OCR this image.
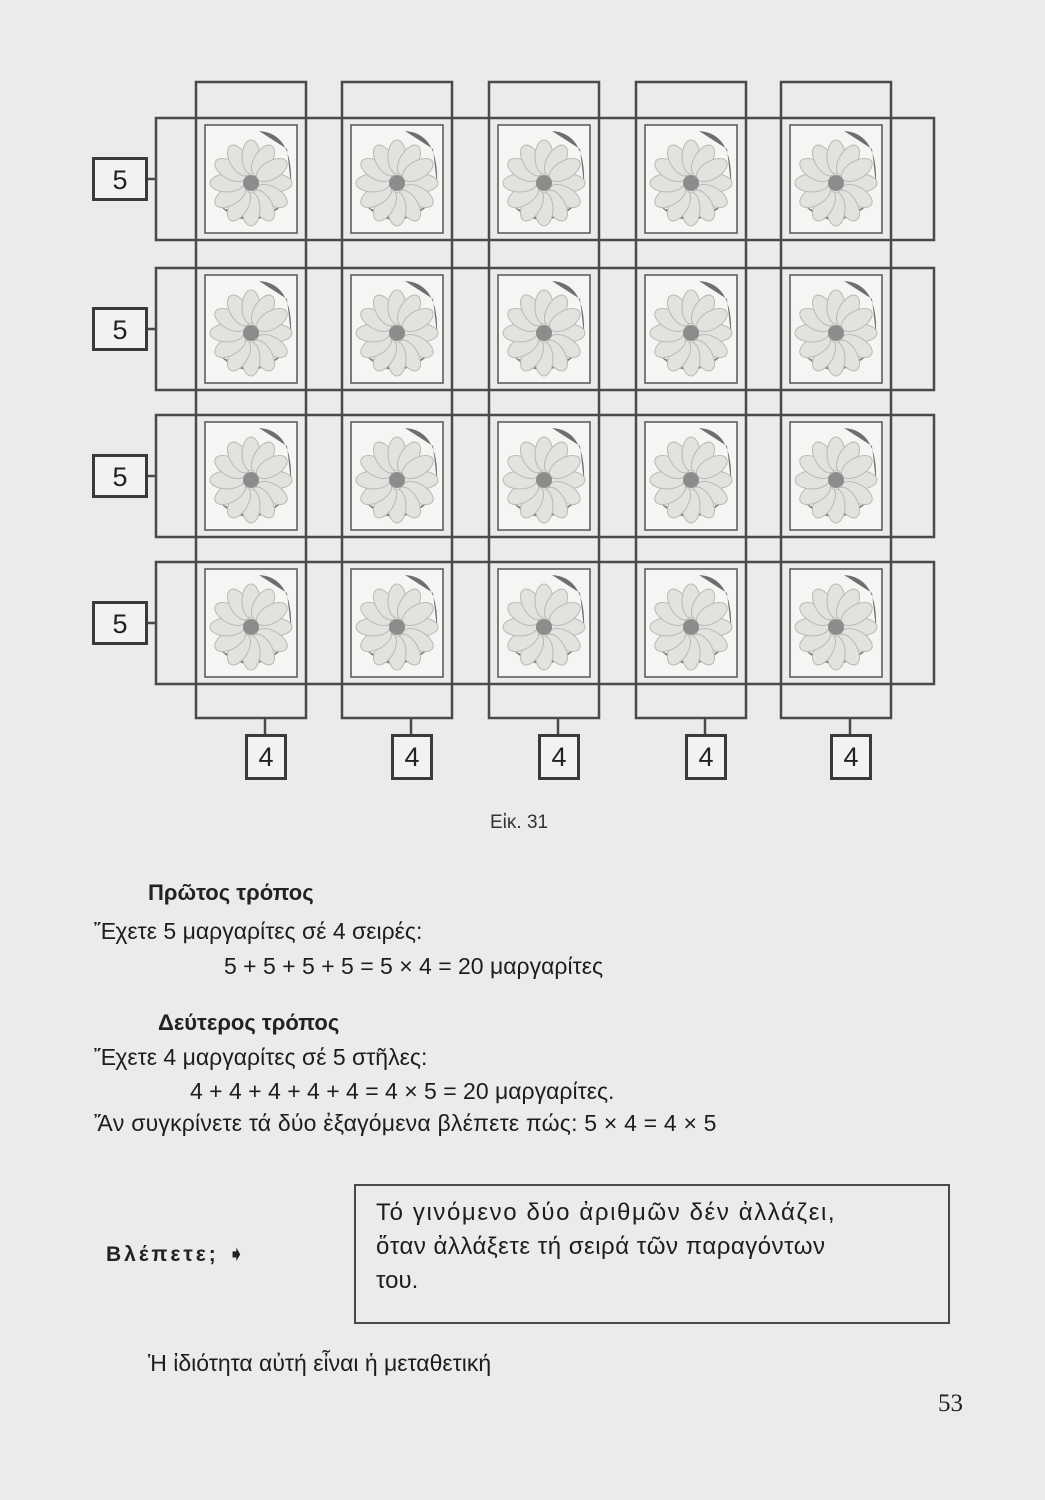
5
5
5
5
4	4	4	4	4
Εἰκ. 31
Πρῶτος τρόπος
Ἔχετε 5 μαργαρίτες σέ 4 σειρές:
5 + 5 + 5 + 5 = 5 × 4 = 20 μαργαρίτες
Δεύτερος τρόπος
Ἔχετε 4 μαργαρίτες σέ 5 στῆλες:
4 + 4 + 4 + 4 + 4 = 4 × 5 = 20 μαργαρίτες.
Ἄν συγκρίνετε τά δύο ἐξαγόμενα βλέπετε πώς: 5 × 4 = 4 × 5
Βλέπετε; ➧
Τό γινόμενο δύο ἀριθμῶν δέν ἀλλάζει,
ὅταν ἀλλάξετε τή σειρά τῶν παραγόντων
του.
Ἡ ἰδιότητα αὐτή εἶναι ἡ μεταθετική
53
